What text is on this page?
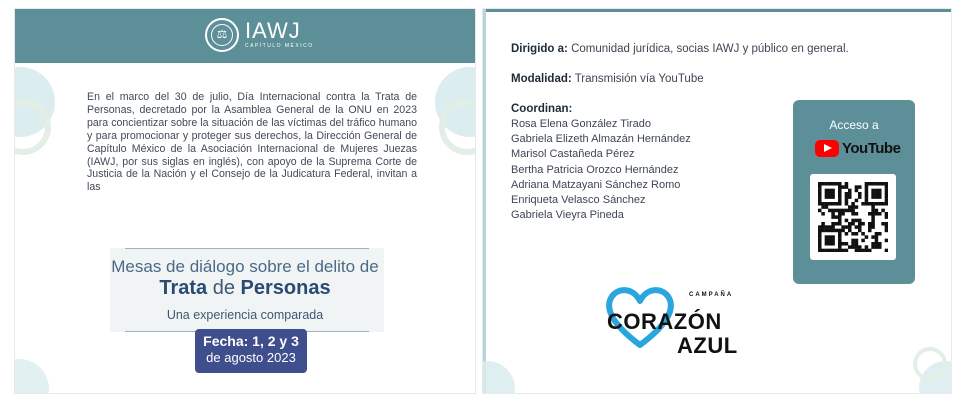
⚖ IAWJ
CAPÍTULO MÉXICO

En el marco del 30 de julio, Día Internacional contra la Trata de Personas, decretado por la Asamblea General de la ONU en 2023 para concientizar sobre la situación de las víctimas del tráfico humano y para promocionar y proteger sus derechos, la Dirección General de Capítulo México de la Asociación Internacional de Mujeres Juezas (IAWJ, por sus siglas en inglés), con apoyo de la Suprema Corte de Justicia de la Nación y el Consejo de la Judicatura Federal, invitan a las

Mesas de diálogo sobre el delito de

Trata de Personas

Una experiencia comparada

Fecha: 1, 2 y 3
de agosto 2023

Dirigido a: Comunidad jurídica, socias IAWJ y público en general.

Modalidad: Transmisión vía YouTube

Coordinan:

Rosa Elena González Tirado
Gabriela Elizeth Almazán Hernández
Marisol Castañeda Pérez
Bertha Patricia Orozco Hernández
Adriana Matzayani Sánchez Romo
Enriqueta Velasco Sánchez
Gabriela Vieyra Pineda

Acceso a

YouTube

CAMPAÑA

CORAZÓN

AZUL
